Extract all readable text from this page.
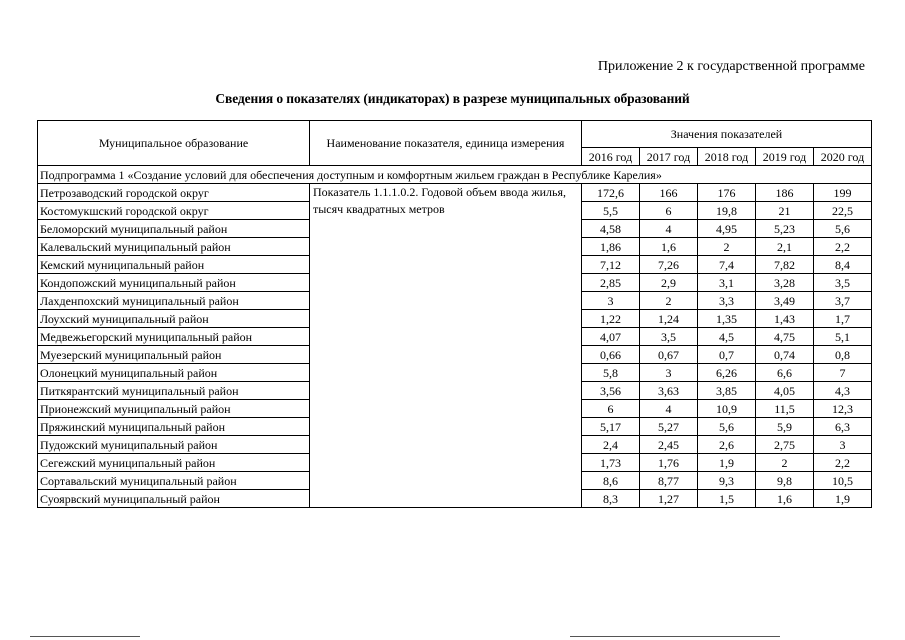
Приложение 2 к государственной программе
Сведения о показателях (индикаторах) в разрезе муниципальных образований
Муниципальное образование	Наименование показателя, единица измерения	Значения показателей				
		2016 год	2017 год	2018 год	2019 год	2020 год
Подпрограмма 1 «Создание условий для обеспечения доступным и комфортным жильем граждан в Республике Карелия»						
Петрозаводский городской округ	Показатель 1.1.1.0.2. Годовой объем ввода жилья, тысяч квадратных метров	172,6	166	176	186	199
Костомукшский городской округ		5,5	6	19,8	21	22,5
Беломорский муниципальный район		4,58	4	4,95	5,23	5,6
Калевальский муниципальный район		1,86	1,6	2	2,1	2,2
Кемский муниципальный район		7,12	7,26	7,4	7,82	8,4
Кондопожский муниципальный район		2,85	2,9	3,1	3,28	3,5
Лахденпохский муниципальный район		3	2	3,3	3,49	3,7
Лоухский муниципальный район		1,22	1,24	1,35	1,43	1,7
Медвежьегорский муниципальный район		4,07	3,5	4,5	4,75	5,1
Муезерский муниципальный район		0,66	0,67	0,7	0,74	0,8
Олонецкий муниципальный район		5,8	3	6,26	6,6	7
Питкярантский муниципальный район		3,56	3,63	3,85	4,05	4,3
Прионежский муниципальный район		6	4	10,9	11,5	12,3
Пряжинский муниципальный район		5,17	5,27	5,6	5,9	6,3
Пудожский муниципальный район		2,4	2,45	2,6	2,75	3
Сегежский муниципальный район		1,73	1,76	1,9	2	2,2
Сортавальский муниципальный район		8,6	8,77	9,3	9,8	10,5
Суоярвский муниципальный район		8,3	1,27	1,5	1,6	1,9
